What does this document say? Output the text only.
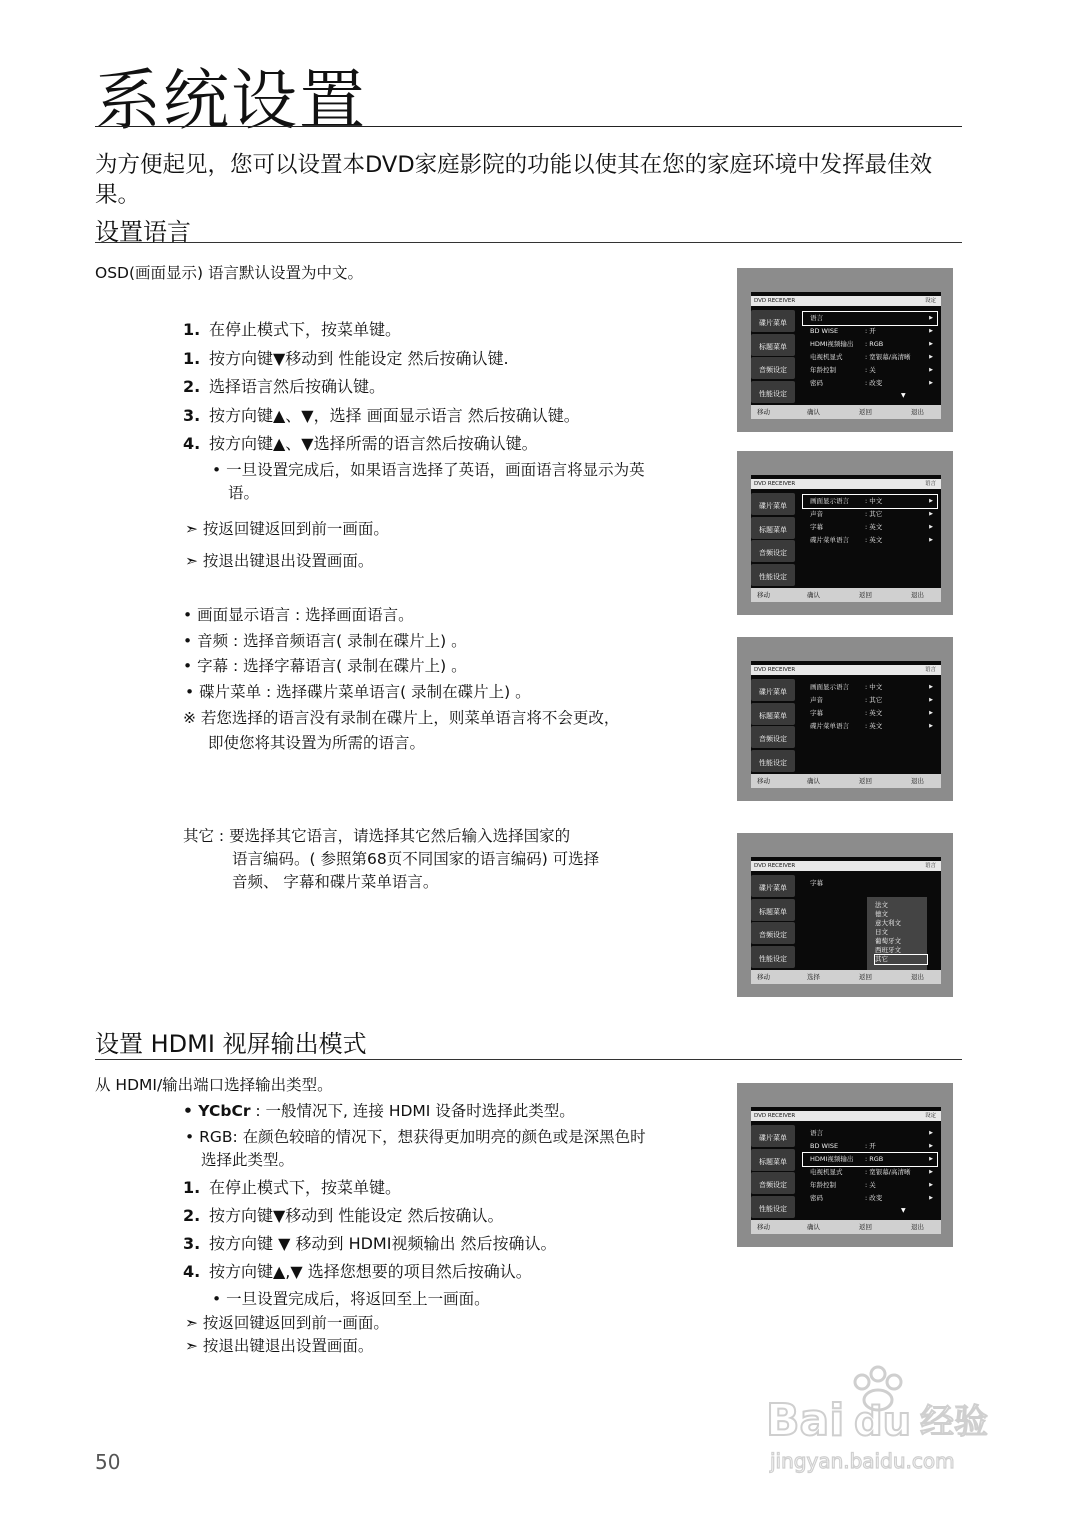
系统设置
为方便起见，您可以设置本DVD家庭影院的功能以使其在您的家庭环境中发挥最佳效果。
设置语言
OSD(画面显示) 语言默认设置为中文。
1. 在停止模式下，按菜单键。
1. 按方向键▼移动到 性能设定 然后按确认键.
2. 选择语言然后按确认键。
3. 按方向键▲、▼，选择 画面显示语言 然后按确认键。
4. 按方向键▲、▼选择所需的语言然后按确认键。
• 一旦设置完成后，如果语言选择了英语，画面语言将显示为英
语。
➣ 按返回键返回到前一画面。
➣ 按退出键退出设置画面。
• 画面显示语言 : 选择画面语言。
• 音频 : 选择音频语言( 录制在碟片上) 。
• 字幕 : 选择字幕语言( 录制在碟片上) 。
• 碟片菜单 : 选择碟片菜单语言( 录制在碟片上) 。
※ 若您选择的语言没有录制在碟片上，则菜单语言将不会更改，
即使您将其设置为所需的语言。
其它 : 要选择其它语言，请选择其它然后输入选择国家的
语言编码。( 参照第68页不同国家的语言编码) 可选择
音频、 字幕和碟片菜单语言。
设置 HDMI 视屏输出模式
从 HDMI/输出端口选择输出类型。
• YCbCr : 一般情况下, 连接 HDMI 设备时选择此类型。
• RGB: 在颜色较暗的情况下，想获得更加明亮的颜色或是深黑色时
选择此类型。
1. 在停止模式下，按菜单键。
2. 按方向键▼移动到 性能设定 然后按确认。
3. 按方向键 ▼ 移动到 HDMI视频输出 然后按确认。
4. 按方向键▲,▼ 选择您想要的项目然后按确认。
• 一旦设置完成后，将返回至上一画面。
➣ 按返回键返回到前一画面。
➣ 按退出键退出设置画面。
DVD RECEIVER	设定
碟片菜单
标题菜单
音频设定
性能设定
语言	▶
BD WISE	: 开	▶
HDMI视频输出 : RGB	▶
电视机显式	: 宽银幕/高清晰	▶
年龄控制	: 关	▶
密码	: 改变	▶
▼
移动	确认	返回	退出
DVD RECEIVER	语言
碟片菜单
标题菜单
音频设定
性能设定
画面显示语言 : 中文	▶
声音	: 其它	▶
字幕	: 英文	▶
碟片菜单语言 : 英文	▶
移动	确认	返回	退出
DVD RECEIVER	语言
碟片菜单
标题菜单
音频设定
性能设定
画面显示语言 : 中文	▶
声音	: 其它	▶
字幕	: 英文	▶
碟片菜单语言 : 英文	▶
移动	确认	返回	退出
DVD RECEIVER	语言
碟片菜单
标题菜单
音频设定
性能设定
字幕
法文
德文
意大利文
日文
葡萄牙文
西班牙文
其它
移动	选择	返回	退出
DVD RECEIVER	设定
碟片菜单
标题菜单
音频设定
性能设定
语言	▶
BD WISE	: 开	▶
HDMI视频输出 : RGB	▶
电视机显式	: 宽银幕/高清晰	▶
年龄控制	: 关	▶
密码	: 改变	▶
▼
移动	确认	返回	退出
50
Bai du 经验
jingyan.baidu.com
